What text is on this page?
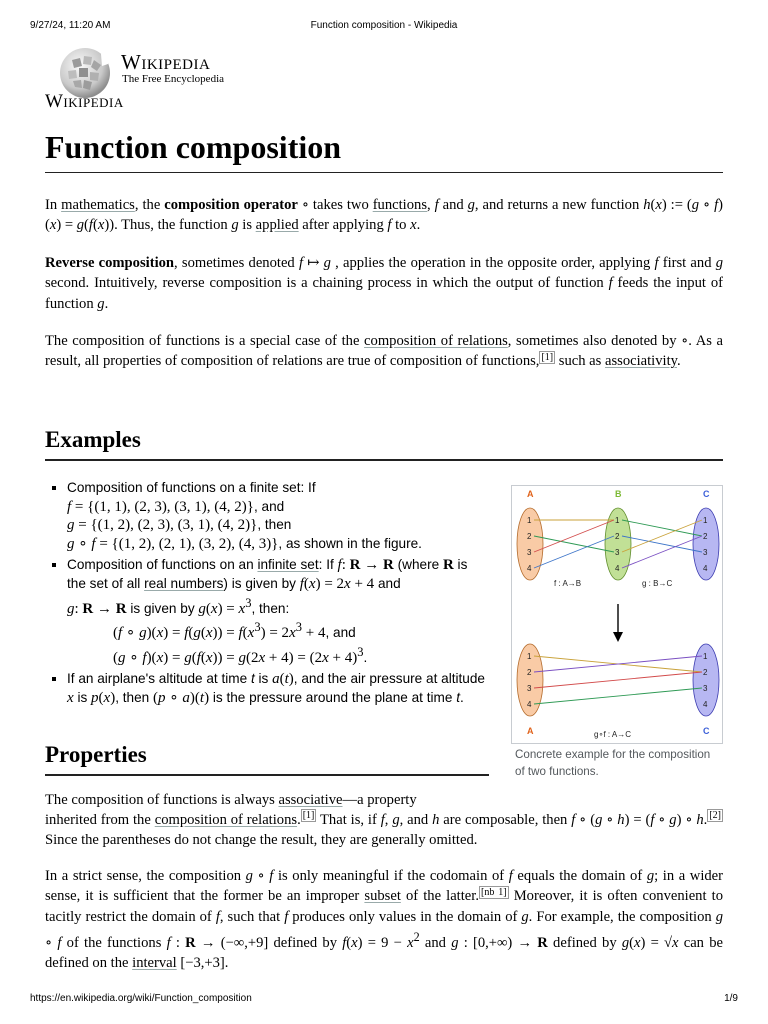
9/27/24, 11:20 AM	Function composition - Wikipedia
https://en.wikipedia.org/wiki/Function_composition	1/9
Wikipedia
The Free Encyclopedia
Wikipedia
Function composition

In mathematics, the composition operator ∘ takes two functions, f and g, and returns a new function h(x) := (g ∘ f)(x) = g(f(x)). Thus, the function g is applied after applying f to x.

Reverse composition, sometimes denoted f ↦ g , applies the operation in the opposite order, applying f first and g second. Intuitively, reverse composition is a chaining process in which the output of function f feeds the input of function g.

The composition of functions is a special case of the composition of relations, sometimes also denoted by ∘. As a result, all properties of composition of relations are true of composition of functions, [1] such as associativity.

Examples
▪ Composition of functions on a finite set: If
f = {(1, 1), (2, 3), (3, 1), (4, 2)}, and
g = {(1, 2), (2, 3), (3, 1), (4, 2)}, then
g ∘ f = {(1, 2), (2, 1), (3, 2), (4, 3)}, as shown in the figure.
▪ Composition of functions on an infinite set: If f: R → R (where R is the set of all real numbers) is given by f(x) = 2x + 4 and
g: R → R is given by $g(x) = x^3$, then:
(f ∘ $g)(x) = f(g(x)) = f(x^3) = 2x^3 + 4$, and
(g ∘ $f)(x) = g(f(x)) = g(2x + 4) = (2x + 4)^3$.
▪ If an airplane's altitude at time t is a(t), and the air pressure at altitude x is p(x), then (p ∘ a)(t) is the pressure around the plane at time t.
A	B	C
1
2
3
4
1
2
3
4
1
2
3
4
f : A→B	g : B→C
1
2
3
4
1
2
3
4
A	C
g∘f : A→C

Concrete example for the composition of two functions.

Properties

The composition of functions is always associative—a property

inherited from the composition of relations. [1] That is, if f, g, and h are composable, then f ∘ (g ∘ h) = (f ∘ g) ∘ h. [2] Since the parentheses do not change the result, they are generally omitted.

In a strict sense, the composition g ∘ f is only meaningful if the codomain of f equals the domain of g; in a wider sense, it is sufficient that the former be an improper subset of the latter. [nb 1] Moreover, it is often convenient to tacitly restrict the domain of f, such that f produces only values in the domain of g. For example, the composition g ∘ f of the functions f : R → (−∞,+9] defined by $f(x) = 9 - x^2$ and g : [0,+∞) → R defined by g(x) = √x can be defined on the interval [−3,+3].
